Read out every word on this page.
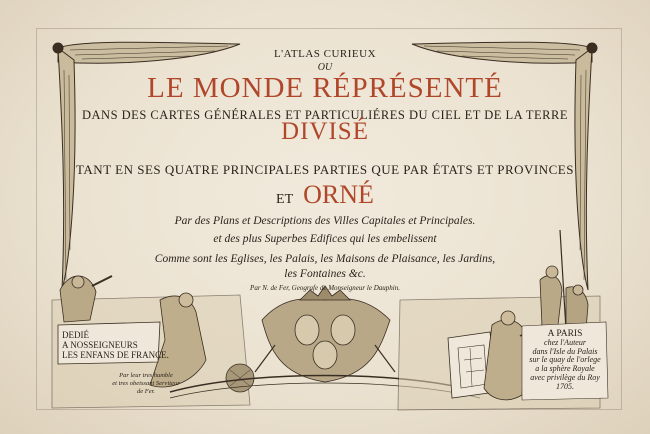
L'ATLAS CURIEUX
OU
LE MONDE RÉPRÉSENTÉ
DANS DES CARTES GÉNÉRALES ET PARTICULIÉRES DU CIEL ET DE LA TERRE
DIVISÉ
TANT EN SES QUATRE PRINCIPALES PARTIES QUE PAR ÉTATS ET PROVINCES
ET ORNÉ
Par des Plans et Descriptions des Villes Capitales et Principales.
et des plus Superbes Edifices qui les embelissent
Comme sont les Eglises, les Palais, les Maisons de Plaisance, les Jardins,
les Fontaines &c.
Par N. de Fer, Geografe de Monseigneur le Dauphin.
DEDIÉ
A NOSSEIGNEURS
LES ENFANS DE FRANCE.
Par leur tres humble
et tres obeissant Serviteur
de Fer.
A PARIS
chez l'Auteur
dans l'Isle du Palais
sur le quay de l'orlege
a la sphère Royale
avec privilège du Roy
1705.
